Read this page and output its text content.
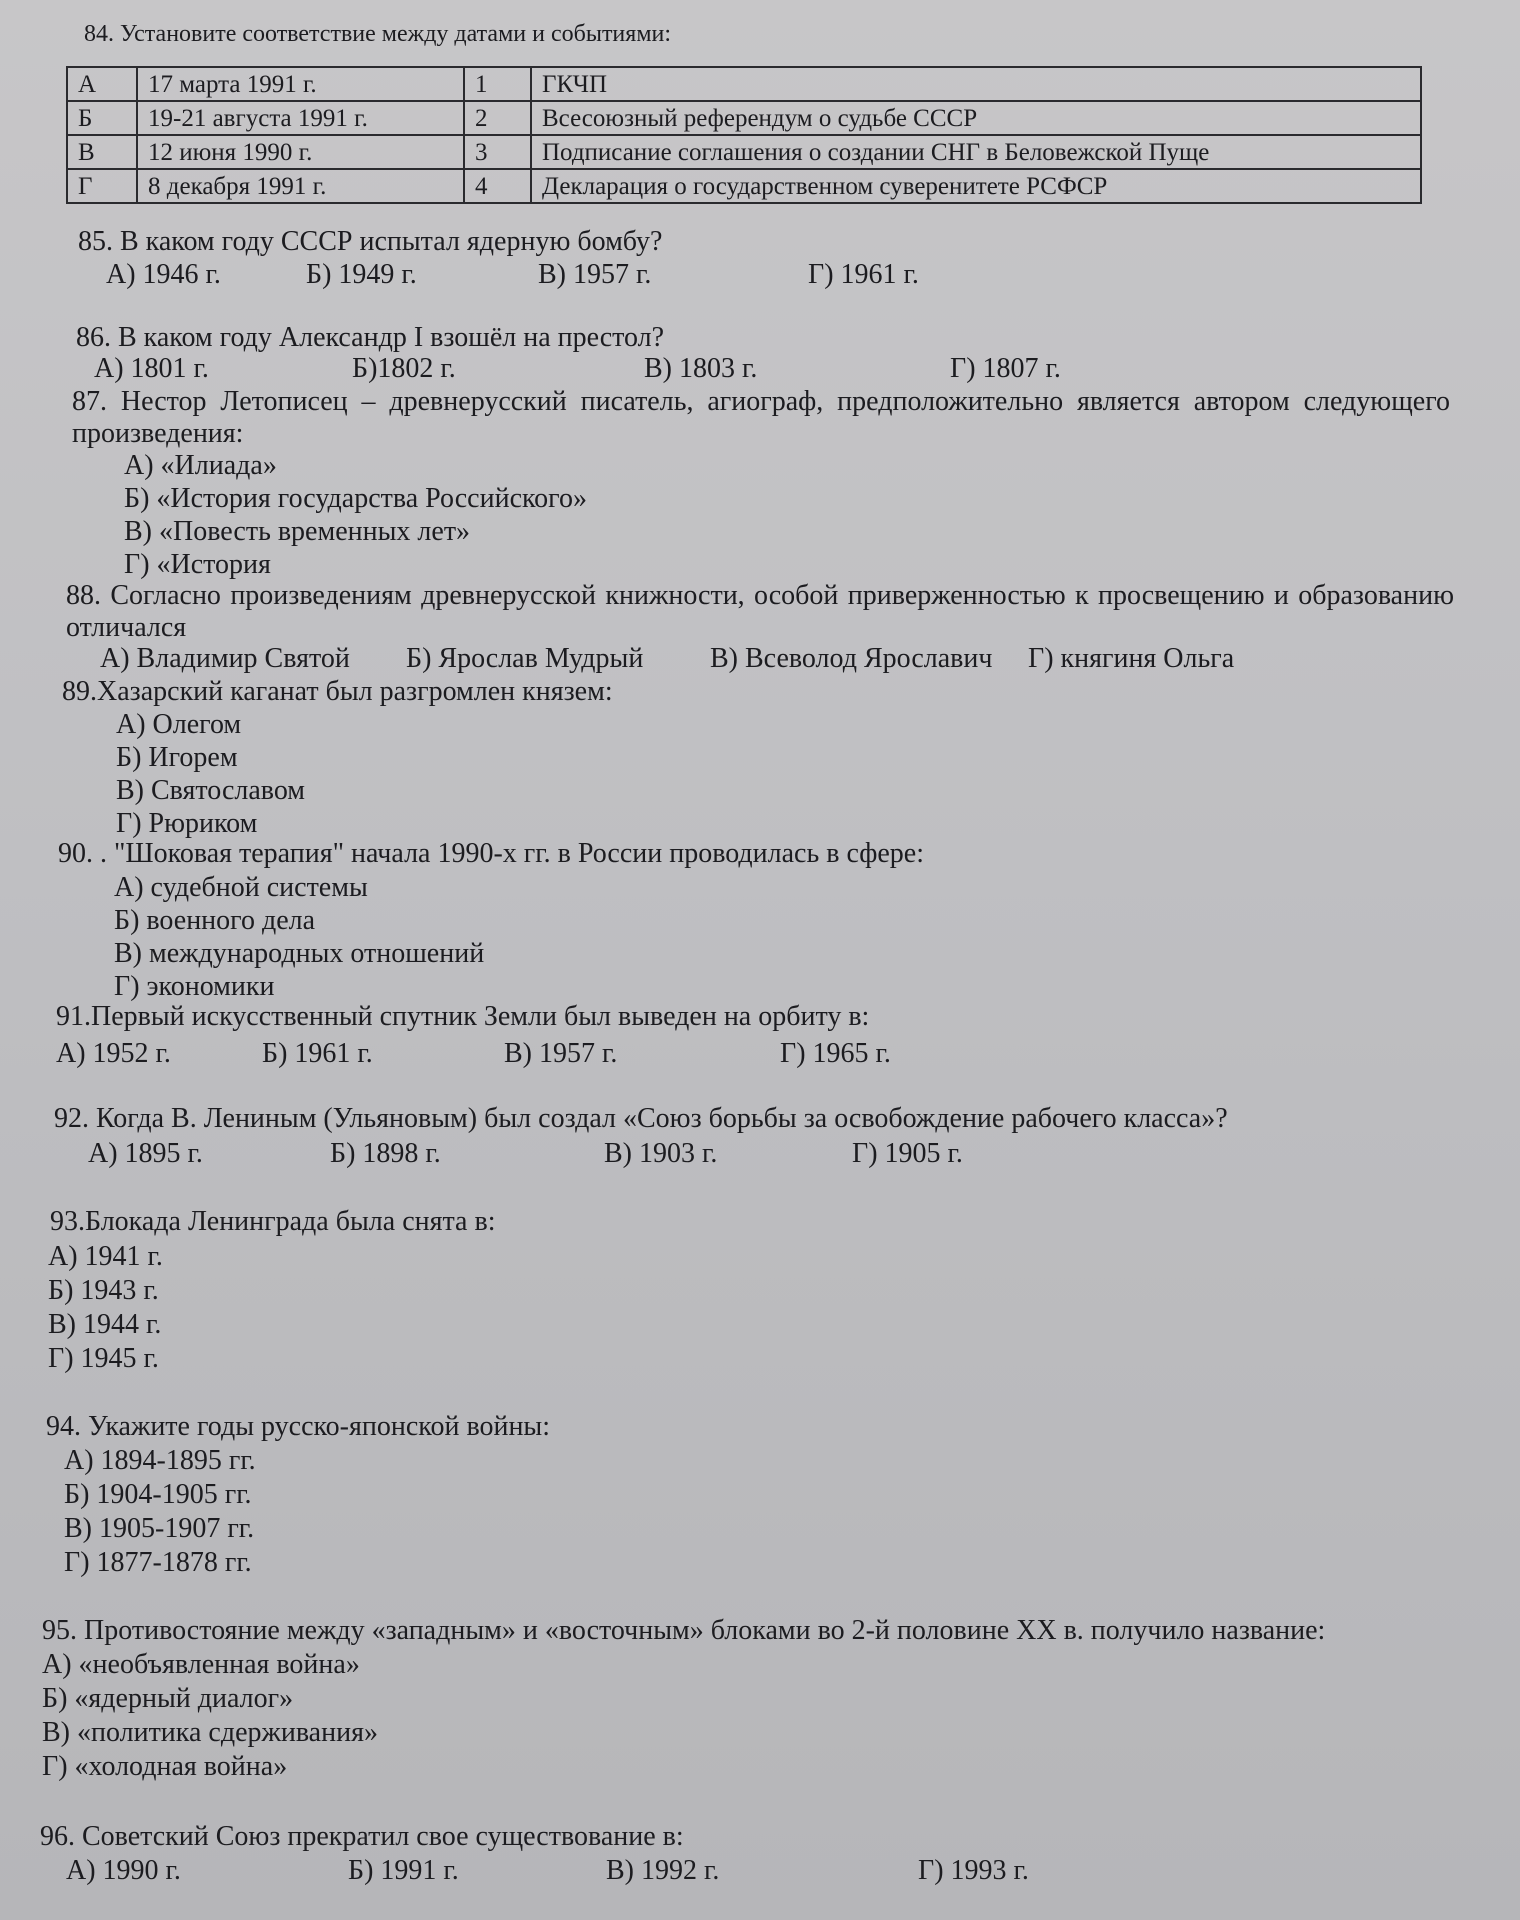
84. Установите соответствие между датами и событиями:
А	17 марта 1991 г.	1	ГКЧП
Б	19-21 августа 1991 г.	2	Всесоюзный референдум о судьбе СССР
В	12 июня 1990 г.	3	Подписание соглашения о создании СНГ в Беловежской Пуще
Г	8 декабря 1991 г.	4	Декларация о государственном суверенитете РСФСР
85. В каком году СССР испытал ядерную бомбу?
А) 1946 г.	Б) 1949 г.	В) 1957 г.	Г) 1961 г.
86. В каком году Александр I взошёл на престол?
А) 1801 г.	Б)1802 г.	В) 1803 г.	Г) 1807 г.
87. Нестор Летописец – древнерусский писатель, агиограф, предположительно является автором следующего произведения:
А) «Илиада»
Б) «История государства Российского»
В) «Повесть временных лет»
Г) «История
88. Согласно произведениям древнерусской книжности, особой приверженностью к просвещению и образованию отличался
А) Владимир Святой Б) Ярослав Мудрый В) Всеволод Ярославич Г) княгиня Ольга
89.Хазарский каганат был разгромлен князем:
А) Олегом
Б) Игорем
В) Святославом
Г) Рюриком
90. . "Шоковая терапия" начала 1990-х гг. в России проводилась в сфере:
А) судебной системы
Б) военного дела
В) международных отношений
Г) экономики
91.Первый искусственный спутник Земли был выведен на орбиту в:
А) 1952 г.	Б) 1961 г.	В) 1957 г.	Г) 1965 г.
92. Когда В. Лениным (Ульяновым) был создал «Союз борьбы за освобождение рабочего класса»?
А) 1895 г.	Б) 1898 г.	В) 1903 г.	Г) 1905 г.
93.Блокада Ленинграда была снята в:
А) 1941 г.
Б) 1943 г.
В) 1944 г.
Г) 1945 г.
94. Укажите годы русско-японской войны:
А) 1894-1895 гг.
Б) 1904-1905 гг.
В) 1905-1907 гг.
Г) 1877-1878 гг.
95. Противостояние между «западным» и «восточным» блоками во 2-й половине XX в. получило название:
А) «необъявленная война»
Б) «ядерный диалог»
В) «политика сдерживания»
Г) «холодная война»
96. Советский Союз прекратил свое существование в:
А) 1990 г.	Б) 1991 г.	В) 1992 г.	Г) 1993 г.
